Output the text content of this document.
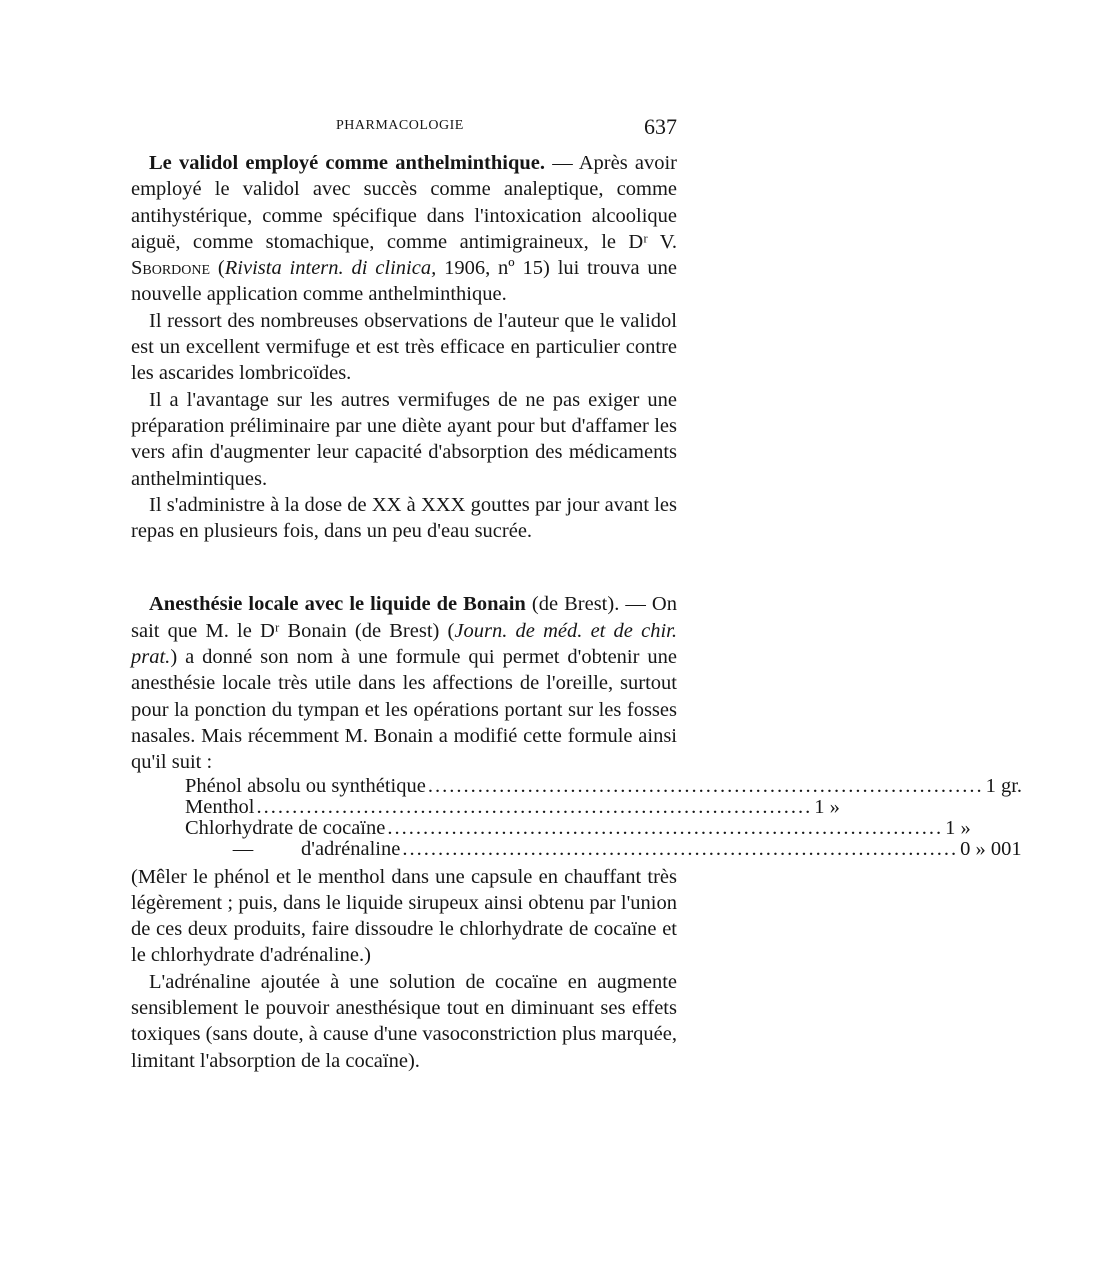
PHARMACOLOGIE	637

Le validol employé comme anthelminthique. — Après avoir employé le validol avec succès comme analeptique, comme antihystérique, comme spécifique dans l'intoxication alcoolique aiguë, comme stomachique, comme antimigraineux, le Dʳ V. Sbordone (Rivista intern. di clinica, 1906, nº 15) lui trouva une nouvelle application comme anthelminthique.

Il ressort des nombreuses observations de l'auteur que le validol est un excellent vermifuge et est très efficace en particulier contre les ascarides lombricoïdes.

Il a l'avantage sur les autres vermifuges de ne pas exiger une préparation préliminaire par une diète ayant pour but d'affamer les vers afin d'augmenter leur capacité d'absorption des médicaments anthelmintiques.

Il s'administre à la dose de XX à XXX gouttes par jour avant les repas en plusieurs fois, dans un peu d'eau sucrée.

Anesthésie locale avec le liquide de Bonain (de Brest). — On sait que M. le Dʳ Bonain (de Brest) (Journ. de méd. et de chir. prat.) a donné son nom à une formule qui permet d'obtenir une anesthésie locale très utile dans les affections de l'oreille, surtout pour la ponction du tympan et les opérations portant sur les fosses nasales. Mais récemment M. Bonain a modifié cette formule ainsi qu'il suit :

Phénol absolu ou synthétique .............................................................................. 1 gr.
Menthol .............................................................................. 1 »
Chlorhydrate de cocaïne .............................................................................. 1 »
— d'adrénaline .............................................................................. 0 » 001

(Mêler le phénol et le menthol dans une capsule en chauffant très légèrement ; puis, dans le liquide sirupeux ainsi obtenu par l'union de ces deux produits, faire dissoudre le chlorhydrate de cocaïne et le chlorhydrate d'adrénaline.)

L'adrénaline ajoutée à une solution de cocaïne en augmente sensiblement le pouvoir anesthésique tout en diminuant ses effets toxiques (sans doute, à cause d'une vasoconstriction plus marquée, limitant l'absorption de la cocaïne).
